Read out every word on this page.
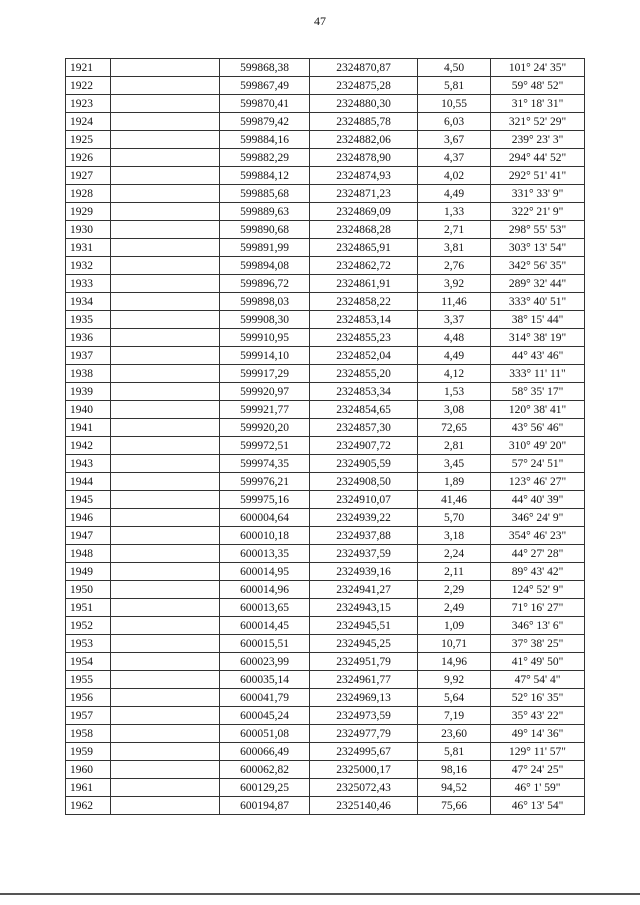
47
1921		599868,38	2324870,87	4,50	101° 24' 35"
1922		599867,49	2324875,28	5,81	59° 48' 52"
1923		599870,41	2324880,30	10,55	31° 18' 31"
1924		599879,42	2324885,78	6,03	321° 52' 29"
1925		599884,16	2324882,06	3,67	239° 23' 3"
1926		599882,29	2324878,90	4,37	294° 44' 52"
1927		599884,12	2324874,93	4,02	292° 51' 41"
1928		599885,68	2324871,23	4,49	331° 33' 9"
1929		599889,63	2324869,09	1,33	322° 21' 9"
1930		599890,68	2324868,28	2,71	298° 55' 53"
1931		599891,99	2324865,91	3,81	303° 13' 54"
1932		599894,08	2324862,72	2,76	342° 56' 35"
1933		599896,72	2324861,91	3,92	289° 32' 44"
1934		599898,03	2324858,22	11,46	333° 40' 51"
1935		599908,30	2324853,14	3,37	38° 15' 44"
1936		599910,95	2324855,23	4,48	314° 38' 19"
1937		599914,10	2324852,04	4,49	44° 43' 46"
1938		599917,29	2324855,20	4,12	333° 11' 11"
1939		599920,97	2324853,34	1,53	58° 35' 17"
1940		599921,77	2324854,65	3,08	120° 38' 41"
1941		599920,20	2324857,30	72,65	43° 56' 46"
1942		599972,51	2324907,72	2,81	310° 49' 20"
1943		599974,35	2324905,59	3,45	57° 24' 51"
1944		599976,21	2324908,50	1,89	123° 46' 27"
1945		599975,16	2324910,07	41,46	44° 40' 39"
1946		600004,64	2324939,22	5,70	346° 24' 9"
1947		600010,18	2324937,88	3,18	354° 46' 23"
1948		600013,35	2324937,59	2,24	44° 27' 28"
1949		600014,95	2324939,16	2,11	89° 43' 42"
1950		600014,96	2324941,27	2,29	124° 52' 9"
1951		600013,65	2324943,15	2,49	71° 16' 27"
1952		600014,45	2324945,51	1,09	346° 13' 6"
1953		600015,51	2324945,25	10,71	37° 38' 25"
1954		600023,99	2324951,79	14,96	41° 49' 50"
1955		600035,14	2324961,77	9,92	47° 54' 4"
1956		600041,79	2324969,13	5,64	52° 16' 35"
1957		600045,24	2324973,59	7,19	35° 43' 22"
1958		600051,08	2324977,79	23,60	49° 14' 36"
1959		600066,49	2324995,67	5,81	129° 11' 57"
1960		600062,82	2325000,17	98,16	47° 24' 25"
1961		600129,25	2325072,43	94,52	46° 1' 59"
1962		600194,87	2325140,46	75,66	46° 13' 54"
